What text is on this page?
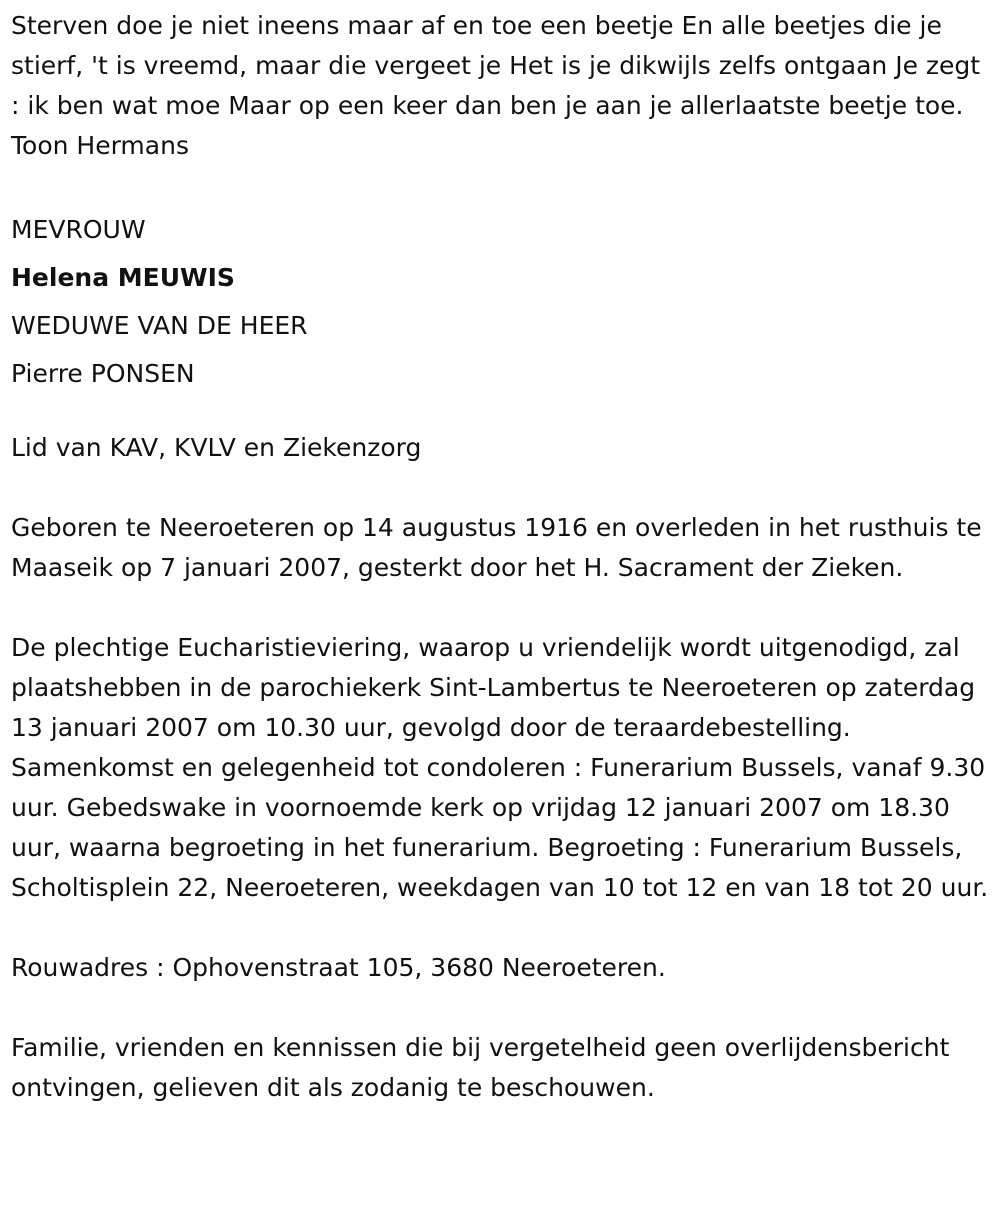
Sterven doe je niet ineens maar af en toe een beetje En alle beetjes die je stierf, 't is vreemd, maar die vergeet je Het is je dikwijls zelfs ontgaan Je zegt : ik ben wat moe Maar op een keer dan ben je aan je allerlaatste beetje toe. Toon Hermans

MEVROUW

Helena MEUWIS

WEDUWE VAN DE HEER

Pierre PONSEN

Lid van KAV, KVLV en Ziekenzorg

Geboren te Neeroeteren op 14 augustus 1916 en overleden in het rusthuis te Maaseik op 7 januari 2007, gesterkt door het H. Sacrament der Zieken.

De plechtige Eucharistieviering, waarop u vriendelijk wordt uitgenodigd, zal plaatshebben in de parochiekerk Sint-Lambertus te Neeroeteren op zaterdag 13 januari 2007 om 10.30 uur, gevolgd door de teraardebestelling. Samenkomst en gelegenheid tot condoleren : Funerarium Bussels, vanaf 9.30 uur. Gebedswake in voornoemde kerk op vrijdag 12 januari 2007 om 18.30 uur, waarna begroeting in het funerarium. Begroeting : Funerarium Bussels, Scholtisplein 22, Neeroeteren, weekdagen van 10 tot 12 en van 18 tot 20 uur.

Rouwadres : Ophovenstraat 105, 3680 Neeroeteren.

Familie, vrienden en kennissen die bij vergetelheid geen overlijdensbericht ontvingen, gelieven dit als zodanig te beschouwen.
